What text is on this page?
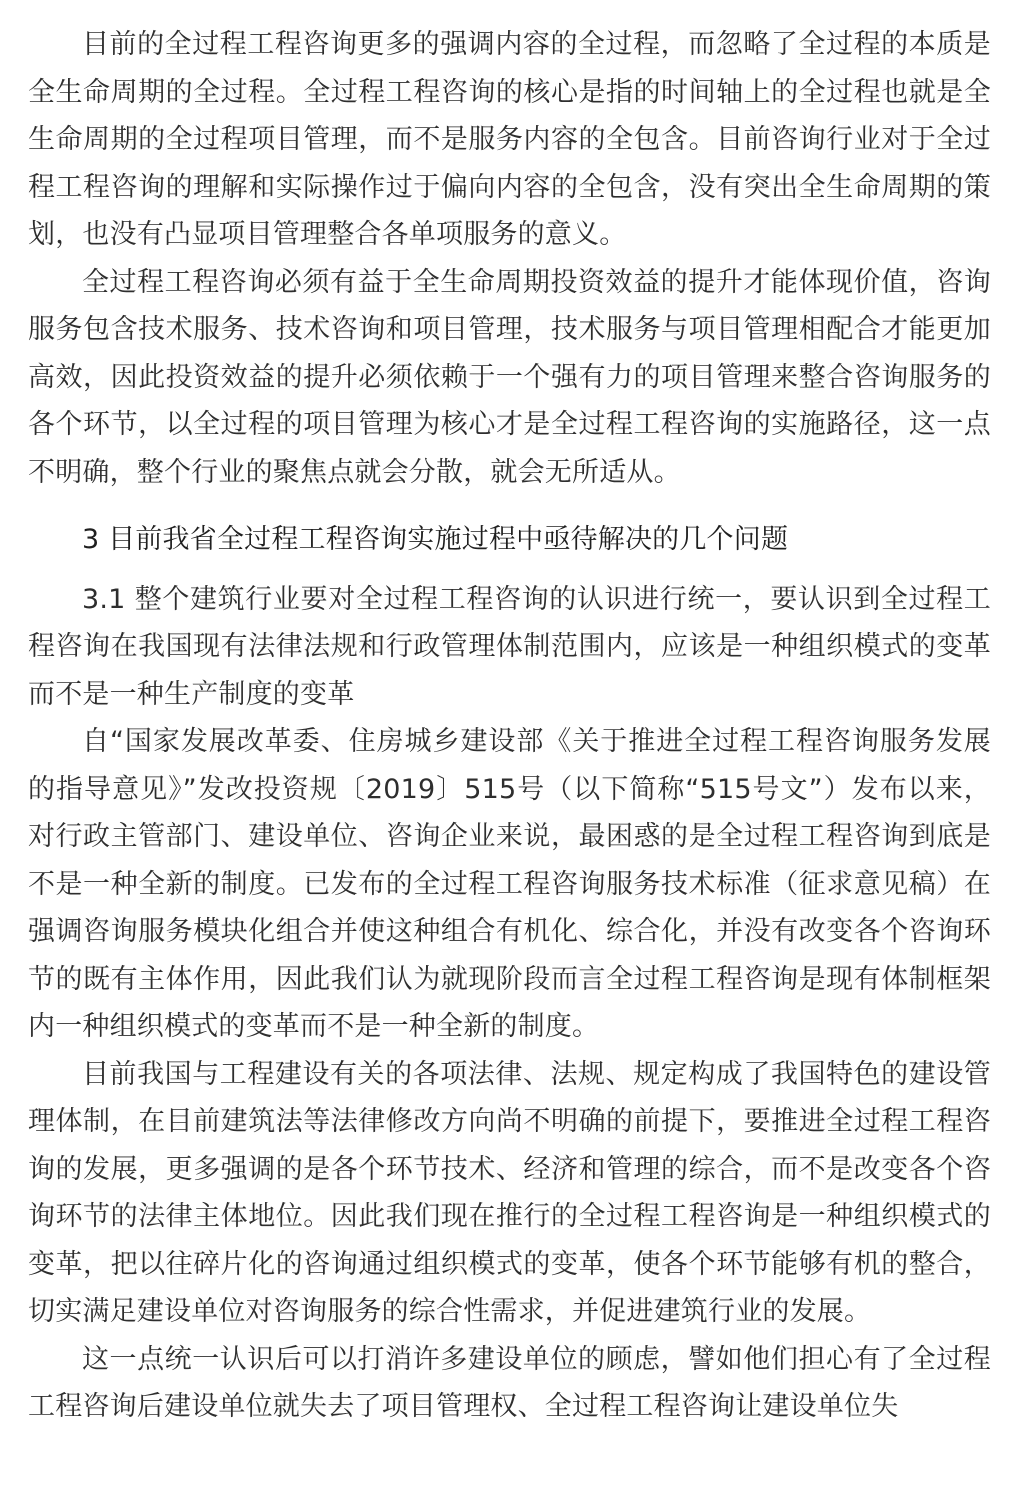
目前的全过程工程咨询更多的强调内容的全过程，而忽略了全过程的本质是全生命周期的全过程。全过程工程咨询的核心是指的时间轴上的全过程也就是全生命周期的全过程项目管理，而不是服务内容的全包含。目前咨询行业对于全过程工程咨询的理解和实际操作过于偏向内容的全包含，没有突出全生命周期的策划，也没有凸显项目管理整合各单项服务的意义。

全过程工程咨询必须有益于全生命周期投资效益的提升才能体现价值，咨询服务包含技术服务、技术咨询和项目管理，技术服务与项目管理相配合才能更加高效，因此投资效益的提升必须依赖于一个强有力的项目管理来整合咨询服务的各个环节，以全过程的项目管理为核心才是全过程工程咨询的实施路径，这一点不明确，整个行业的聚焦点就会分散，就会无所适从。

3 目前我省全过程工程咨询实施过程中亟待解决的几个问题

3.1 整个建筑行业要对全过程工程咨询的认识进行统一，要认识到全过程工程咨询在我国现有法律法规和行政管理体制范围内，应该是一种组织模式的变革而不是一种生产制度的变革

自“国家发展改革委、住房城乡建设部《关于推进全过程工程咨询服务发展的指导意见》”发改投资规〔2019〕515号（以下简称“515号文”）发布以来，对行政主管部门、建设单位、咨询企业来说，最困惑的是全过程工程咨询到底是不是一种全新的制度。已发布的全过程工程咨询服务技术标准（征求意见稿）在强调咨询服务模块化组合并使这种组合有机化、综合化，并没有改变各个咨询环节的既有主体作用，因此我们认为就现阶段而言全过程工程咨询是现有体制框架内一种组织模式的变革而不是一种全新的制度。

目前我国与工程建设有关的各项法律、法规、规定构成了我国特色的建设管理体制，在目前建筑法等法律修改方向尚不明确的前提下，要推进全过程工程咨询的发展，更多强调的是各个环节技术、经济和管理的综合，而不是改变各个咨询环节的法律主体地位。因此我们现在推行的全过程工程咨询是一种组织模式的变革，把以往碎片化的咨询通过组织模式的变革，使各个环节能够有机的整合，切实满足建设单位对咨询服务的综合性需求，并促进建筑行业的发展。

这一点统一认识后可以打消许多建设单位的顾虑，譬如他们担心有了全过程工程咨询后建设单位就失去了项目管理权、全过程工程咨询让建设单位失
